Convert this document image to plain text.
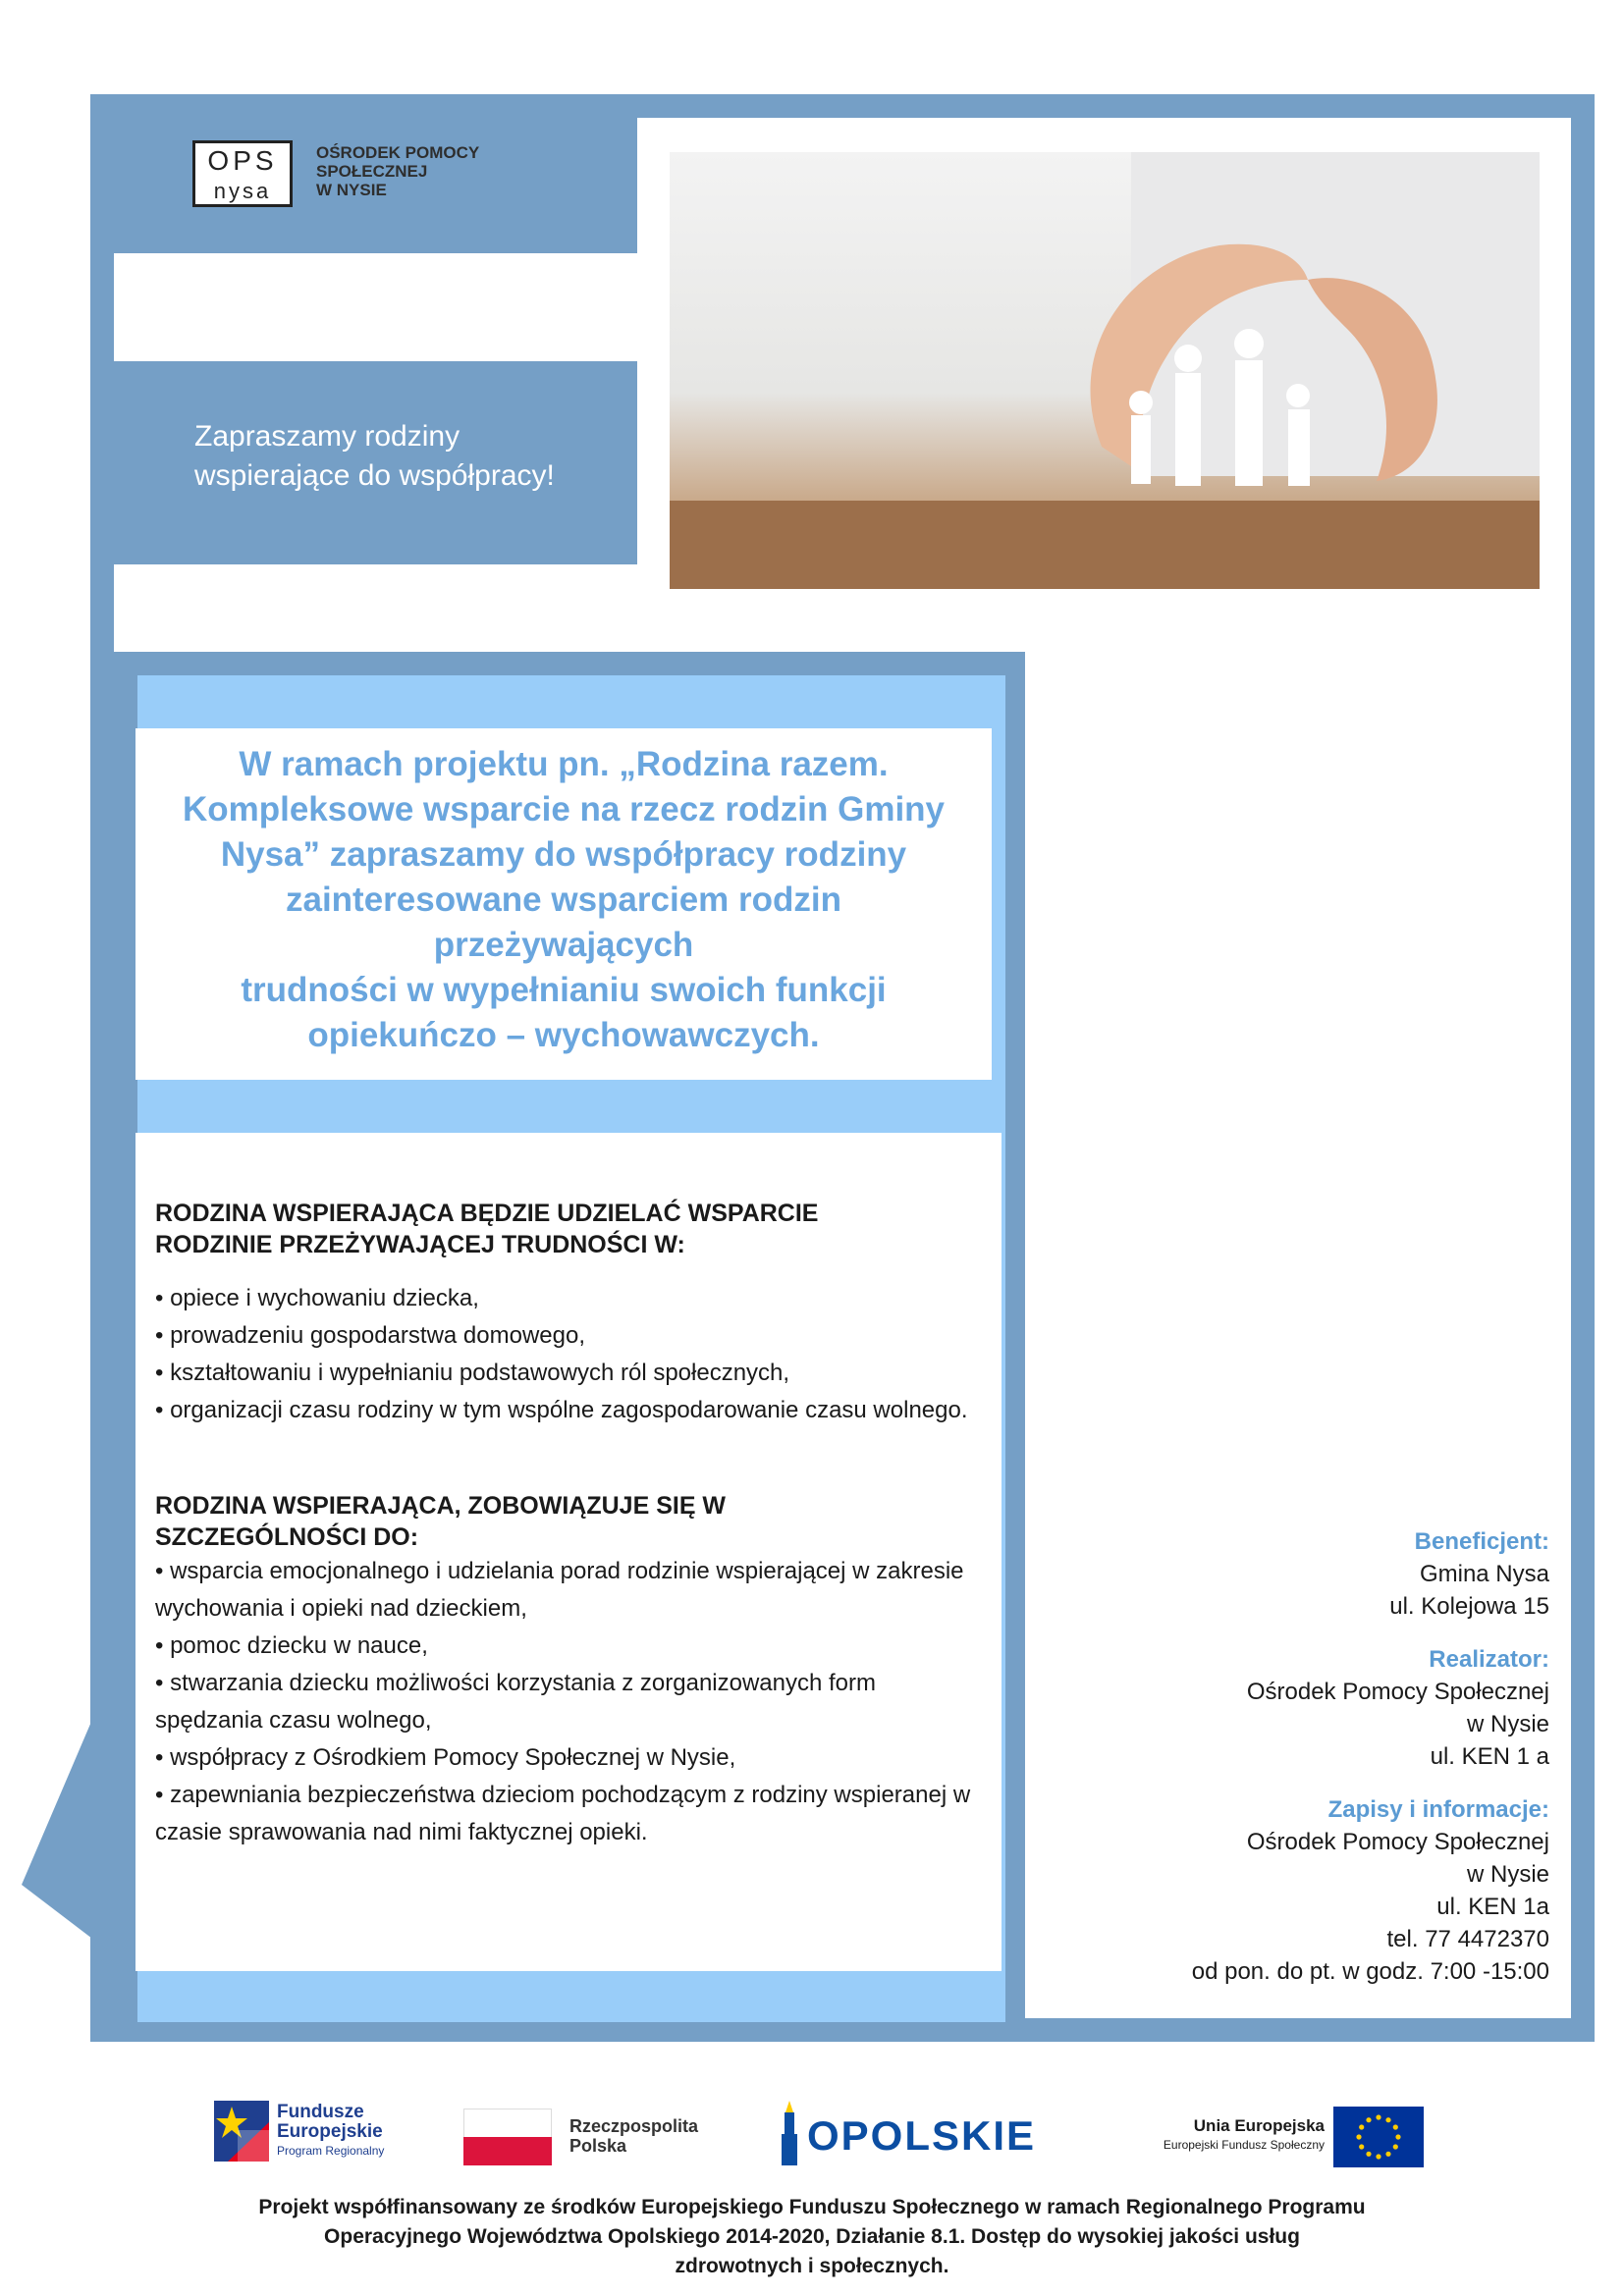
OPS
nysa
OŚRODEK POMOCY
SPOŁECZNEJ
W NYSIE
Zapraszamy rodziny
wspierające do współpracy!
W ramach projektu pn. „Rodzina razem.
Kompleksowe wsparcie na rzecz rodzin Gminy
Nysa” zapraszamy do współpracy rodziny
zainteresowane wsparciem rodzin
przeżywających
trudności w wypełnianiu swoich funkcji
opiekuńczo – wychowawczych.
RODZINA WSPIERAJĄCA BĘDZIE UDZIELAĆ WSPARCIE
RODZINIE PRZEŻYWAJĄCEJ TRUDNOŚCI W:
• opiece i wychowaniu dziecka,
• prowadzeniu gospodarstwa domowego,
• kształtowaniu i wypełnianiu podstawowych ról społecznych,
• organizacji czasu rodziny w tym wspólne zagospodarowanie czasu wolnego.
RODZINA WSPIERAJĄCA, ZOBOWIĄZUJE SIĘ W
SZCZEGÓLNOŚCI DO:
• wsparcia emocjonalnego i udzielania porad rodzinie wspierającej w zakresie wychowania i opieki nad dzieckiem,
• pomoc dziecku w nauce,
• stwarzania dziecku możliwości korzystania z zorganizowanych form spędzania czasu wolnego,
• współpracy z Ośrodkiem Pomocy Społecznej w Nysie,
• zapewniania bezpieczeństwa dzieciom pochodzącym z rodziny wspieranej w czasie sprawowania nad nimi faktycznej opieki.
Beneficjent:
Gmina Nysa
ul. Kolejowa 15
Realizator:
Ośrodek Pomocy Społecznej
w Nysie
ul. KEN 1 a
Zapisy i informacje:
Ośrodek Pomocy Społecznej
w Nysie
ul. KEN 1a
tel. 77 4472370
od pon. do pt. w godz. 7:00 -15:00
Fundusze
Europejskie
Program Regionalny
Rzeczpospolita
Polska	OPOLSKIE	Unia Europejska
Europejski Fundusz Społeczny
Projekt współfinansowany ze środków Europejskiego Funduszu Społecznego w ramach Regionalnego Programu
Operacyjnego Województwa Opolskiego 2014-2020, Działanie 8.1. Dostęp do wysokiej jakości usług
zdrowotnych i społecznych.
